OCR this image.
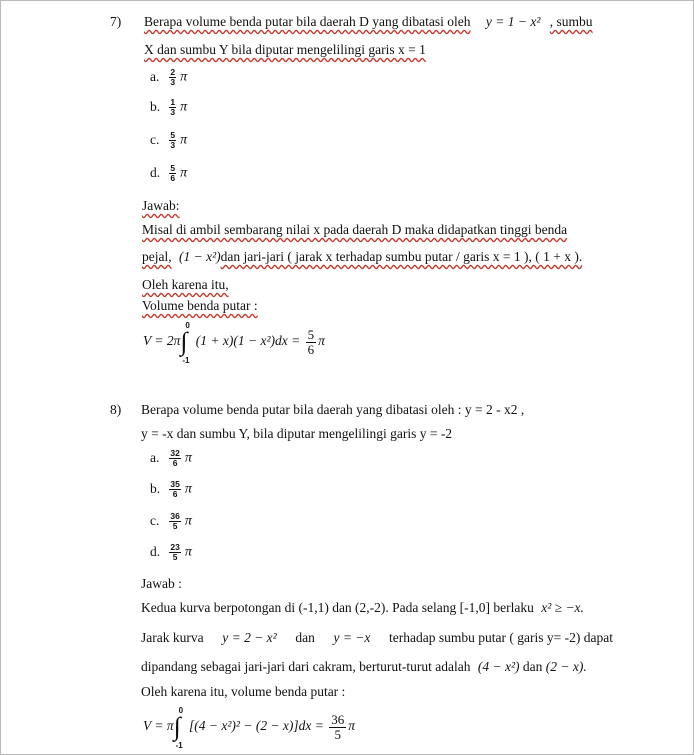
7) Berapa volume benda putar bila daerah D yang dibatasi oleh y = 1 − x² , sumbu
X dan sumbu Y bila diputar mengelilingi garis x = 1
a. $\frac{2}{3}$ π
b. $\frac{1}{3}$ π
c. $\frac{5}{3}$ π
d. $\frac{5}{6}$ π
Jawab:
Misal di ambil sembarang nilai x pada daerah D maka didapatkan tinggi benda
pejal, (1 − x²)dan jari-jari ( jarak x terhadap sumbu putar / garis x = 1 ), ( 1 + x ).
Oleh karena itu,
Volume benda putar :
V = 2π∫
0
-1
$(1 + x)(1 - x^2)dx = \frac{5}{6}$ π
8) Berapa volume benda putar bila daerah yang dibatasi oleh : y = 2 - x2 ,
y = -x dan sumbu Y, bila diputar mengelilingi garis y = -2
a. $\frac{32}{6}$ π
b. $\frac{35}{6}$ π
c. $\frac{36}{5}$ π
d. $\frac{23}{5}$ π
Jawab :
Kedua kurva berpotongan di (-1,1) dan (2,-2). Pada selang [-1,0] berlaku x² ≥ −x.
Jarak kurva y = 2 − x² dan y = −x terhadap sumbu putar ( garis y= -2) dapat
dipandang sebagai jari-jari dari cakram, berturut-turut adalah (4 − x²) dan (2 − x).
Oleh karena itu, volume benda putar :
V = π∫
0
-1
$[(4 - x^2)^2 - (2 - x)]dx = \frac{36}{5}$ π
